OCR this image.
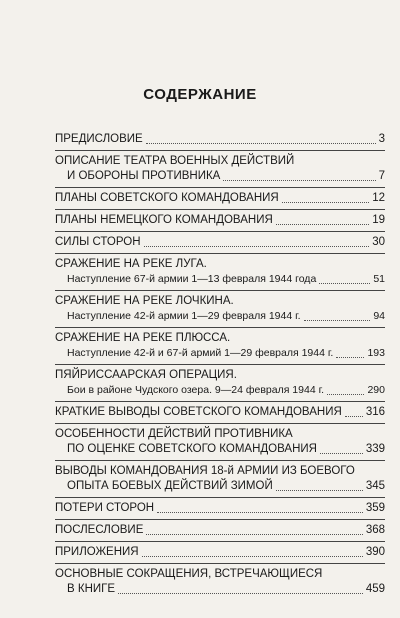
СОДЕРЖАНИЕ
ПРЕДИСЛОВИЕ	3
ОПИСАНИЕ ТЕАТРА ВОЕННЫХ ДЕЙСТВИЙ
И ОБОРОНЫ ПРОТИВНИКА	7
ПЛАНЫ СОВЕТСКОГО КОМАНДОВАНИЯ	12
ПЛАНЫ НЕМЕЦКОГО КОМАНДОВАНИЯ	19
СИЛЫ СТОРОН	30
СРАЖЕНИЕ НА РЕКЕ ЛУГА.
Наступление 67-й армии 1—13 февраля 1944 года	51
СРАЖЕНИЕ НА РЕКЕ ЛОЧКИНА.
Наступление 42-й армии 1—29 февраля 1944 г.	94
СРАЖЕНИЕ НА РЕКЕ ПЛЮССА.
Наступление 42-й и 67-й армий 1—29 февраля 1944 г.	193
ПЯЙРИССААРСКАЯ ОПЕРАЦИЯ.
Бои в районе Чудского озера. 9—24 февраля 1944 г.	290
КРАТКИЕ ВЫВОДЫ СОВЕТСКОГО КОМАНДОВАНИЯ 316
ОСОБЕННОСТИ ДЕЙСТВИЙ ПРОТИВНИКА
ПО ОЦЕНКЕ СОВЕТСКОГО КОМАНДОВАНИЯ	339
ВЫВОДЫ КОМАНДОВАНИЯ 18-й АРМИИ ИЗ БОЕВОГО
ОПЫТА БОЕВЫХ ДЕЙСТВИЙ ЗИМОЙ	345
ПОТЕРИ СТОРОН	359
ПОСЛЕСЛОВИЕ	368
ПРИЛОЖЕНИЯ	390
ОСНОВНЫЕ СОКРАЩЕНИЯ, ВСТРЕЧАЮЩИЕСЯ
В КНИГЕ	459
